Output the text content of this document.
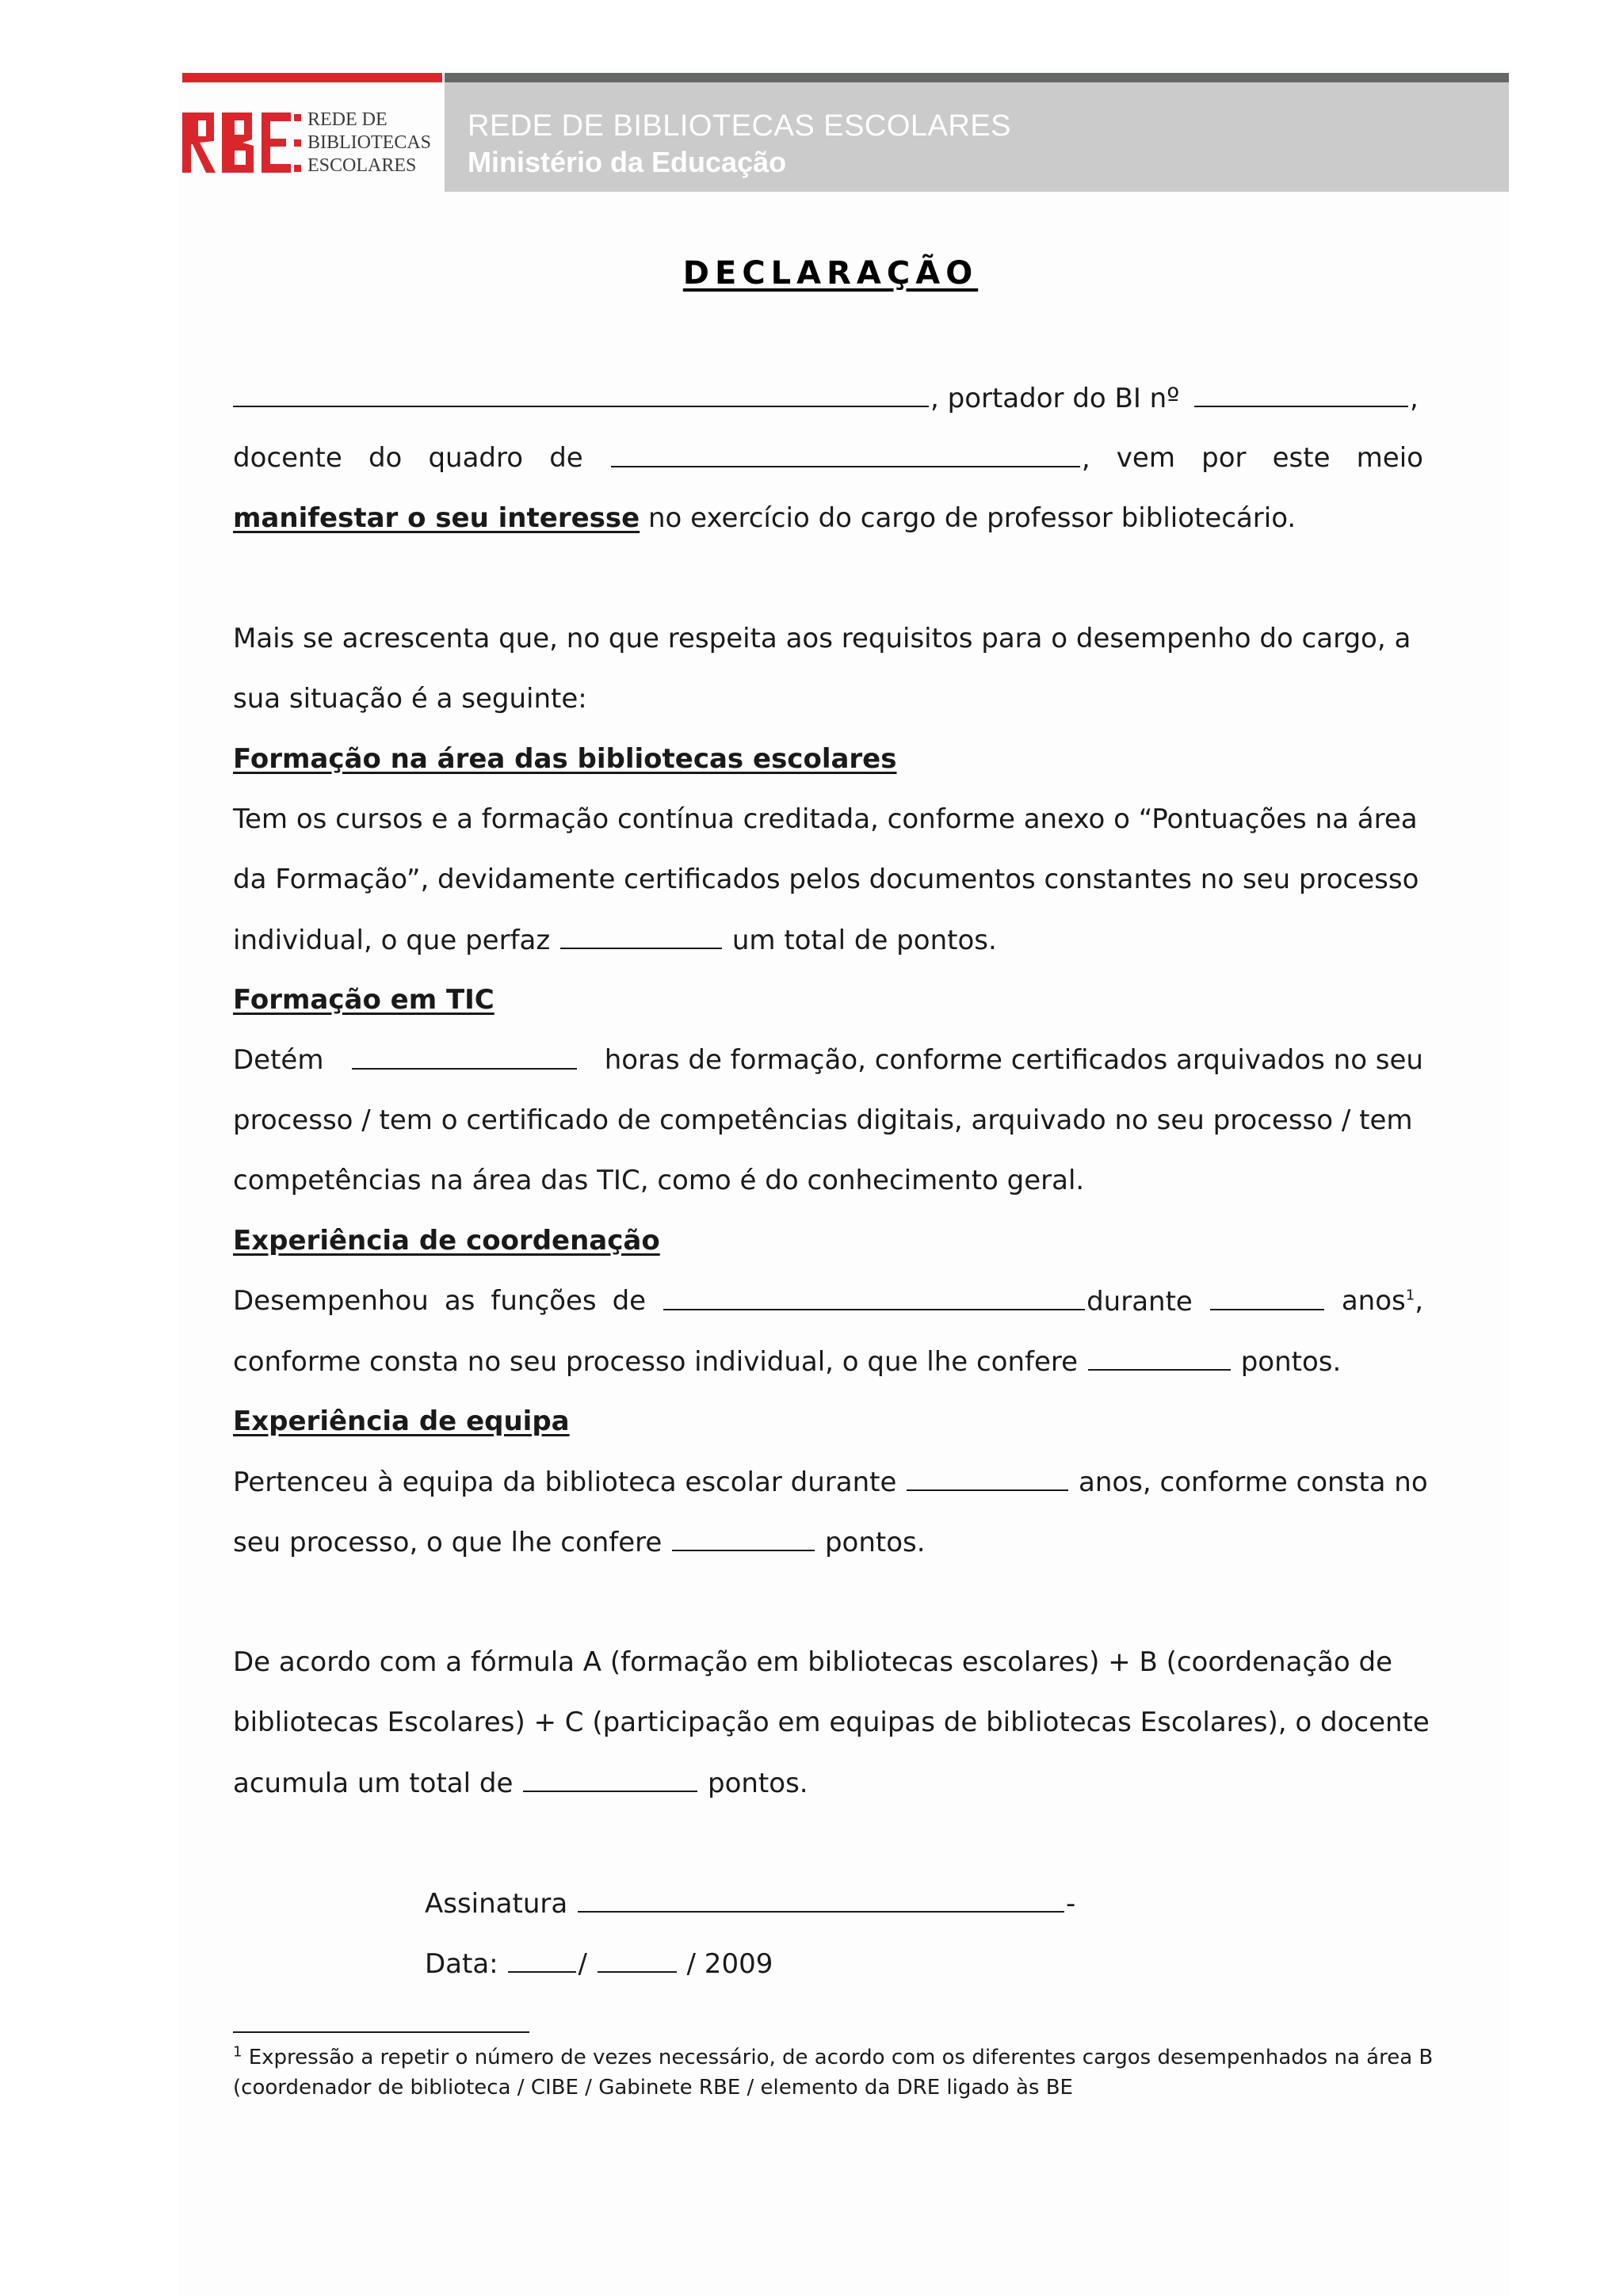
REDE DE BIBLIOTECAS ESCOLARES
Ministério da Educação
REDE DE
BIBLIOTECAS
ESCOLARES
DECLARAÇÃO
, portador do BI nº	,
docente do quadro de	, vem por este meio
manifestar o seu interesse no exercício do cargo de professor bibliotecário.
Mais se acrescenta que, no que respeita aos requisitos para o desempenho do cargo, a
sua situação é a seguinte:
Formação na área das bibliotecas escolares
Tem os cursos e a formação contínua creditada, conforme anexo o “Pontuações na área
da Formação”, devidamente certificados pelos documentos constantes no seu processo
individual, o que perfaz	um total de pontos.
Formação em TIC
Detém	horas de formação, conforme certificados arquivados no seu
processo / tem o certificado de competências digitais, arquivado no seu processo / tem
competências na área das TIC, como é do conhecimento geral.
Experiência de coordenação
Desempenhou as funções de	durante	anos$^1$,
conforme consta no seu processo individual, o que lhe confere	pontos.
Experiência de equipa
Pertenceu à equipa da biblioteca escolar durante	anos, conforme consta no
seu processo, o que lhe confere	pontos.
De acordo com a fórmula A (formação em bibliotecas escolares) + B (coordenação de
bibliotecas Escolares) + C (participação em equipas de bibliotecas Escolares), o docente
acumula um total de	pontos.
Assinatura	-
Data:	/	/ 2009
$^1$ Expressão a repetir o número de vezes necessário, de acordo com os diferentes cargos desempenhados na área B
(coordenador de biblioteca / CIBE / Gabinete RBE / elemento da DRE ligado às BE
